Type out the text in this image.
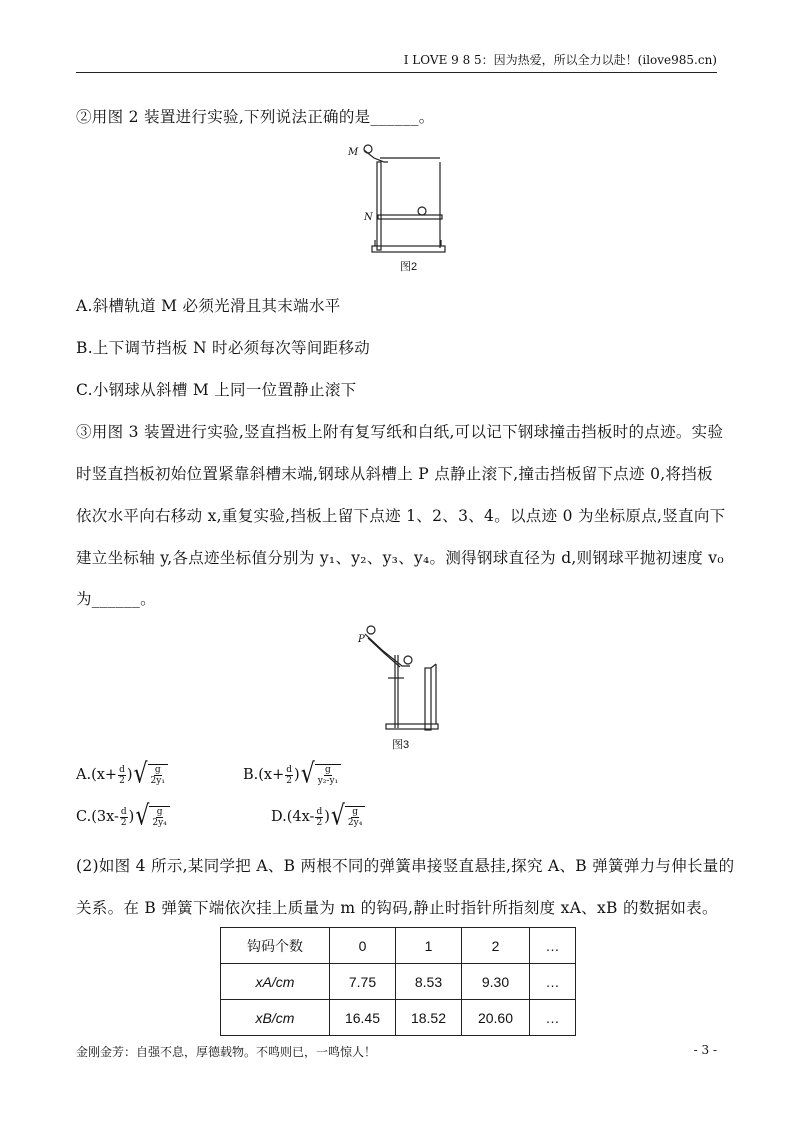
I LOVE 9 8 5：因为热爱，所以全力以赴！(ilove985.cn)
②用图 2 装置进行实验,下列说法正确的是______。
M
N
图2
A.斜槽轨道 M 必须光滑且其末端水平
B.上下调节挡板 N 时必须每次等间距移动
C.小钢球从斜槽 M 上同一位置静止滚下
③用图 3 装置进行实验,竖直挡板上附有复写纸和白纸,可以记下钢球撞击挡板时的点迹。实验
时竖直挡板初始位置紧靠斜槽末端,钢球从斜槽上 P 点静止滚下,撞击挡板留下点迹 0,将挡板
依次水平向右移动 x,重复实验,挡板上留下点迹 1、2、3、4。以点迹 0 为坐标原点,竖直向下
建立坐标轴 y,各点迹坐标值分别为 y₁、y₂、y₃、y₄。测得钢球直径为 d,则钢球平抛初速度 v₀
为______。
P
图3
A. ($x+ \frac{d}{2}$ ) √ $\frac{g}{\text{2y₁}}$	B. ($x+ \frac{d}{2}$ ) √ $\frac{g}{\text{y₂-y₁}}$
C. ($3x- \frac{d}{2}$ ) √ $\frac{g}{\text{2y₄}}$	D. ($4x- \frac{d}{2}$ ) √ $\frac{g}{\text{2y₄}}$
(2)如图 4 所示,某同学把 A、B 两根不同的弹簧串接竖直悬挂,探究 A、B 弹簧弹力与伸长量的
关系。在 B 弹簧下端依次挂上质量为 m 的钩码,静止时指针所指刻度 xA、xB 的数据如表。
钩码个数	0	1	2	…
xA/cm	7.75	8.53	9.30	…
xB/cm	16.45	18.52	20.60	…
金刚金芳：自强不息，厚德载物。不鸣则已，一鸣惊人！	- 3 -
